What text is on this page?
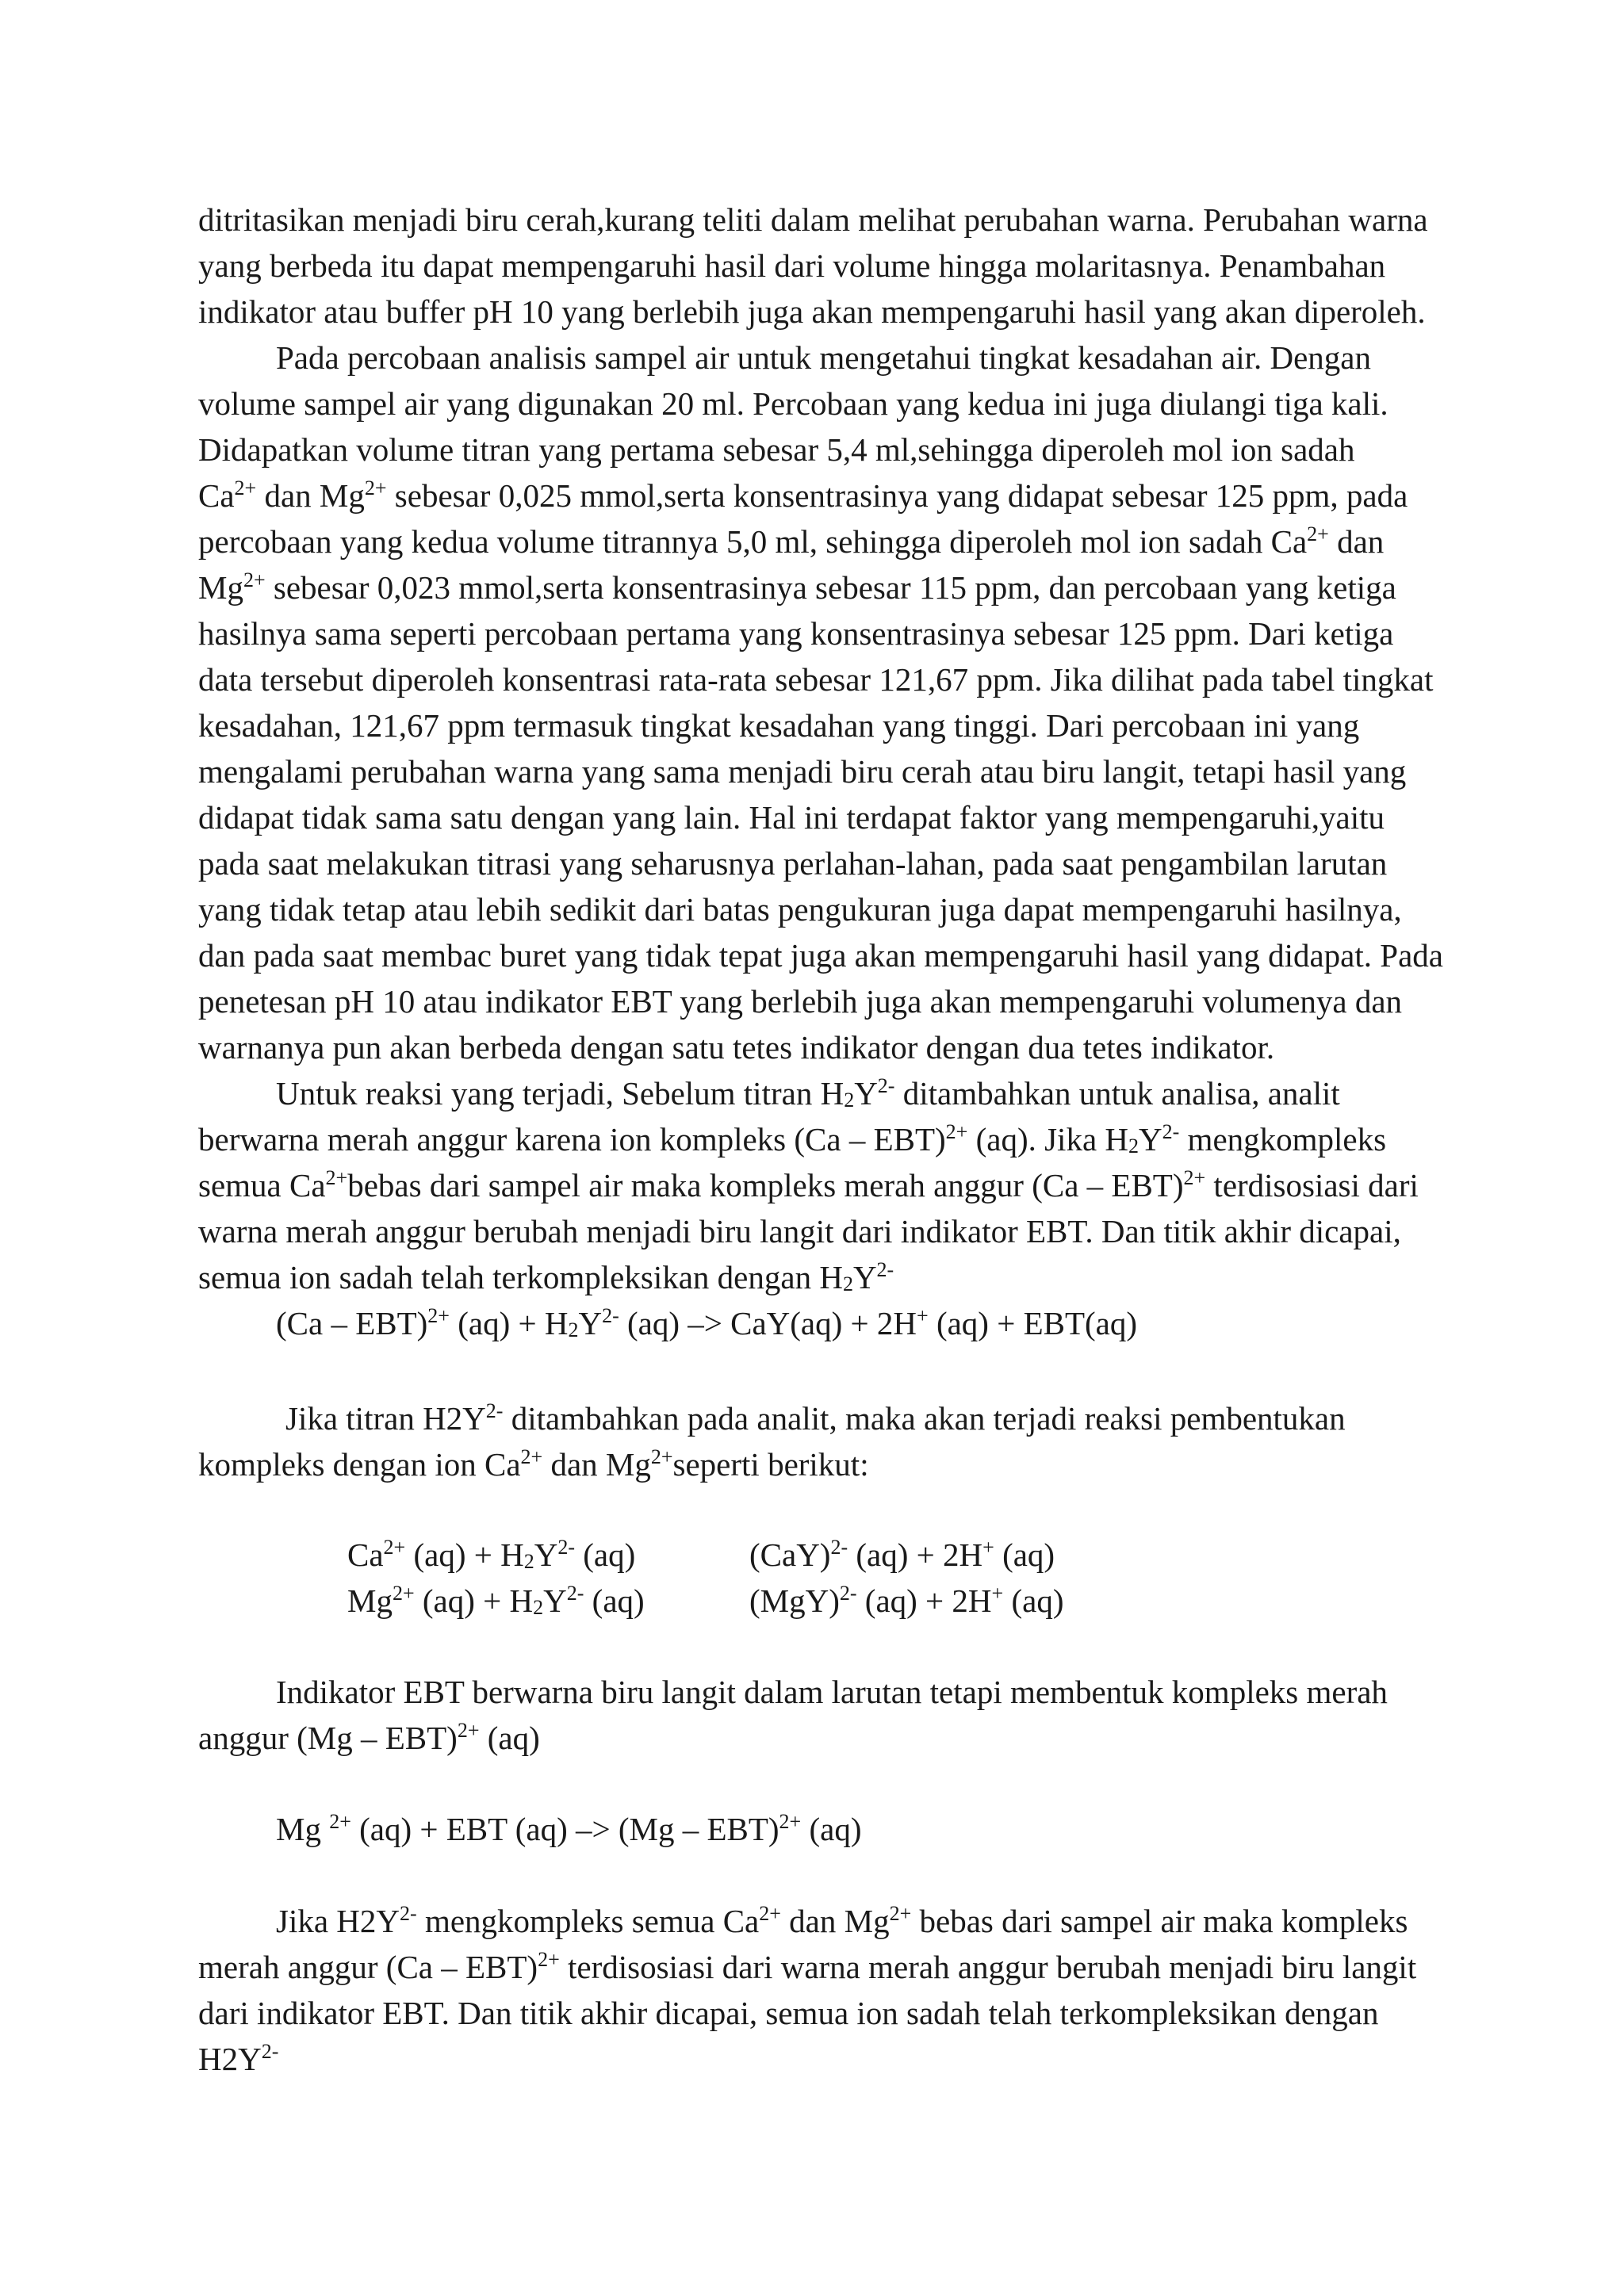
ditritasikan menjadi biru cerah,kurang teliti dalam melihat perubahan warna. Perubahan warna
yang berbeda itu dapat mempengaruhi hasil dari volume hingga molaritasnya. Penambahan
indikator atau buffer pH 10 yang berlebih juga akan mempengaruhi hasil yang akan diperoleh.

Pada percobaan analisis sampel air untuk mengetahui tingkat kesadahan air. Dengan
volume sampel air yang digunakan 20 ml. Percobaan yang kedua ini juga diulangi tiga kali.
Didapatkan volume titran yang pertama sebesar 5,4 ml,sehingga diperoleh mol ion sadah
$Ca^{2+}$ dan $Mg^{2+}$ sebesar 0,025 mmol,serta konsentrasinya yang didapat sebesar 125 ppm, pada
percobaan yang kedua volume titrannya 5,0 ml, sehingga diperoleh mol ion sadah $Ca^{2+}$ dan
$Mg^{2+}$ sebesar 0,023 mmol,serta konsentrasinya sebesar 115 ppm, dan percobaan yang ketiga
hasilnya sama seperti percobaan pertama yang konsentrasinya sebesar 125 ppm. Dari ketiga
data tersebut diperoleh konsentrasi rata-rata sebesar 121,67 ppm. Jika dilihat pada tabel tingkat
kesadahan, 121,67 ppm termasuk tingkat kesadahan yang tinggi. Dari percobaan ini yang
mengalami perubahan warna yang sama menjadi biru cerah atau biru langit, tetapi hasil yang
didapat tidak sama satu dengan yang lain. Hal ini terdapat faktor yang mempengaruhi,yaitu
pada saat melakukan titrasi yang seharusnya perlahan-lahan, pada saat pengambilan larutan
yang tidak tetap atau lebih sedikit dari batas pengukuran juga dapat mempengaruhi hasilnya,
dan pada saat membac buret yang tidak tepat juga akan mempengaruhi hasil yang didapat. Pada
penetesan pH 10 atau indikator EBT yang berlebih juga akan mempengaruhi volumenya dan
warnanya pun akan berbeda dengan satu tetes indikator dengan dua tetes indikator.

Untuk reaksi yang terjadi, Sebelum titran $H_2Y^{2-}$ ditambahkan untuk analisa, analit
berwarna merah anggur karena ion kompleks (Ca – EBT)$^{2+}$ (aq). Jika $H_2Y^{2-}$ mengkompleks
semua $Ca^{2+}bebas$ dari sampel air maka kompleks merah anggur (Ca – EBT)$^{2+}$ terdisosiasi dari
warna merah anggur berubah menjadi biru langit dari indikator EBT. Dan titik akhir dicapai,
semua ion sadah telah terkompleksikan dengan $H_2Y^{2-}$

(Ca – EBT)$^{2+}$ $(aq) + H_2Y^{2-}$ (aq) –> CaY(aq) + 2H+ (aq) + EBT(aq)

Jika titran $H2Y^{2-}$ ditambahkan pada analit, maka akan terjadi reaksi pembentukan
kompleks dengan ion $Ca^{2+}$ dan $Mg^{2+}seperti$ berikut:

$Ca^{2+}$ $(aq) + H_2Y^{2-}$ (aq)	(CaY)$^{2-}$ (aq) + 2H+ (aq)
$Mg^{2+}$ $(aq) + H_2Y^{2-}$ (aq)	(MgY)$^{2-}$ (aq) + 2H+ (aq)

Indikator EBT berwarna biru langit dalam larutan tetapi membentuk kompleks merah
anggur (Mg – EBT)$^{2+}$ (aq)

Mg $^{2+}$ (aq) + EBT (aq) –> (Mg – EBT)$^{2+}$ (aq)

Jika $H2Y^{2-}$ mengkompleks semua $Ca^{2+}$ dan $Mg^{2+}$ bebas dari sampel air maka kompleks
merah anggur (Ca – EBT)$^{2+}$ terdisosiasi dari warna merah anggur berubah menjadi biru langit
dari indikator EBT. Dan titik akhir dicapai, semua ion sadah telah terkompleksikan dengan
$H2Y^{2-}$
